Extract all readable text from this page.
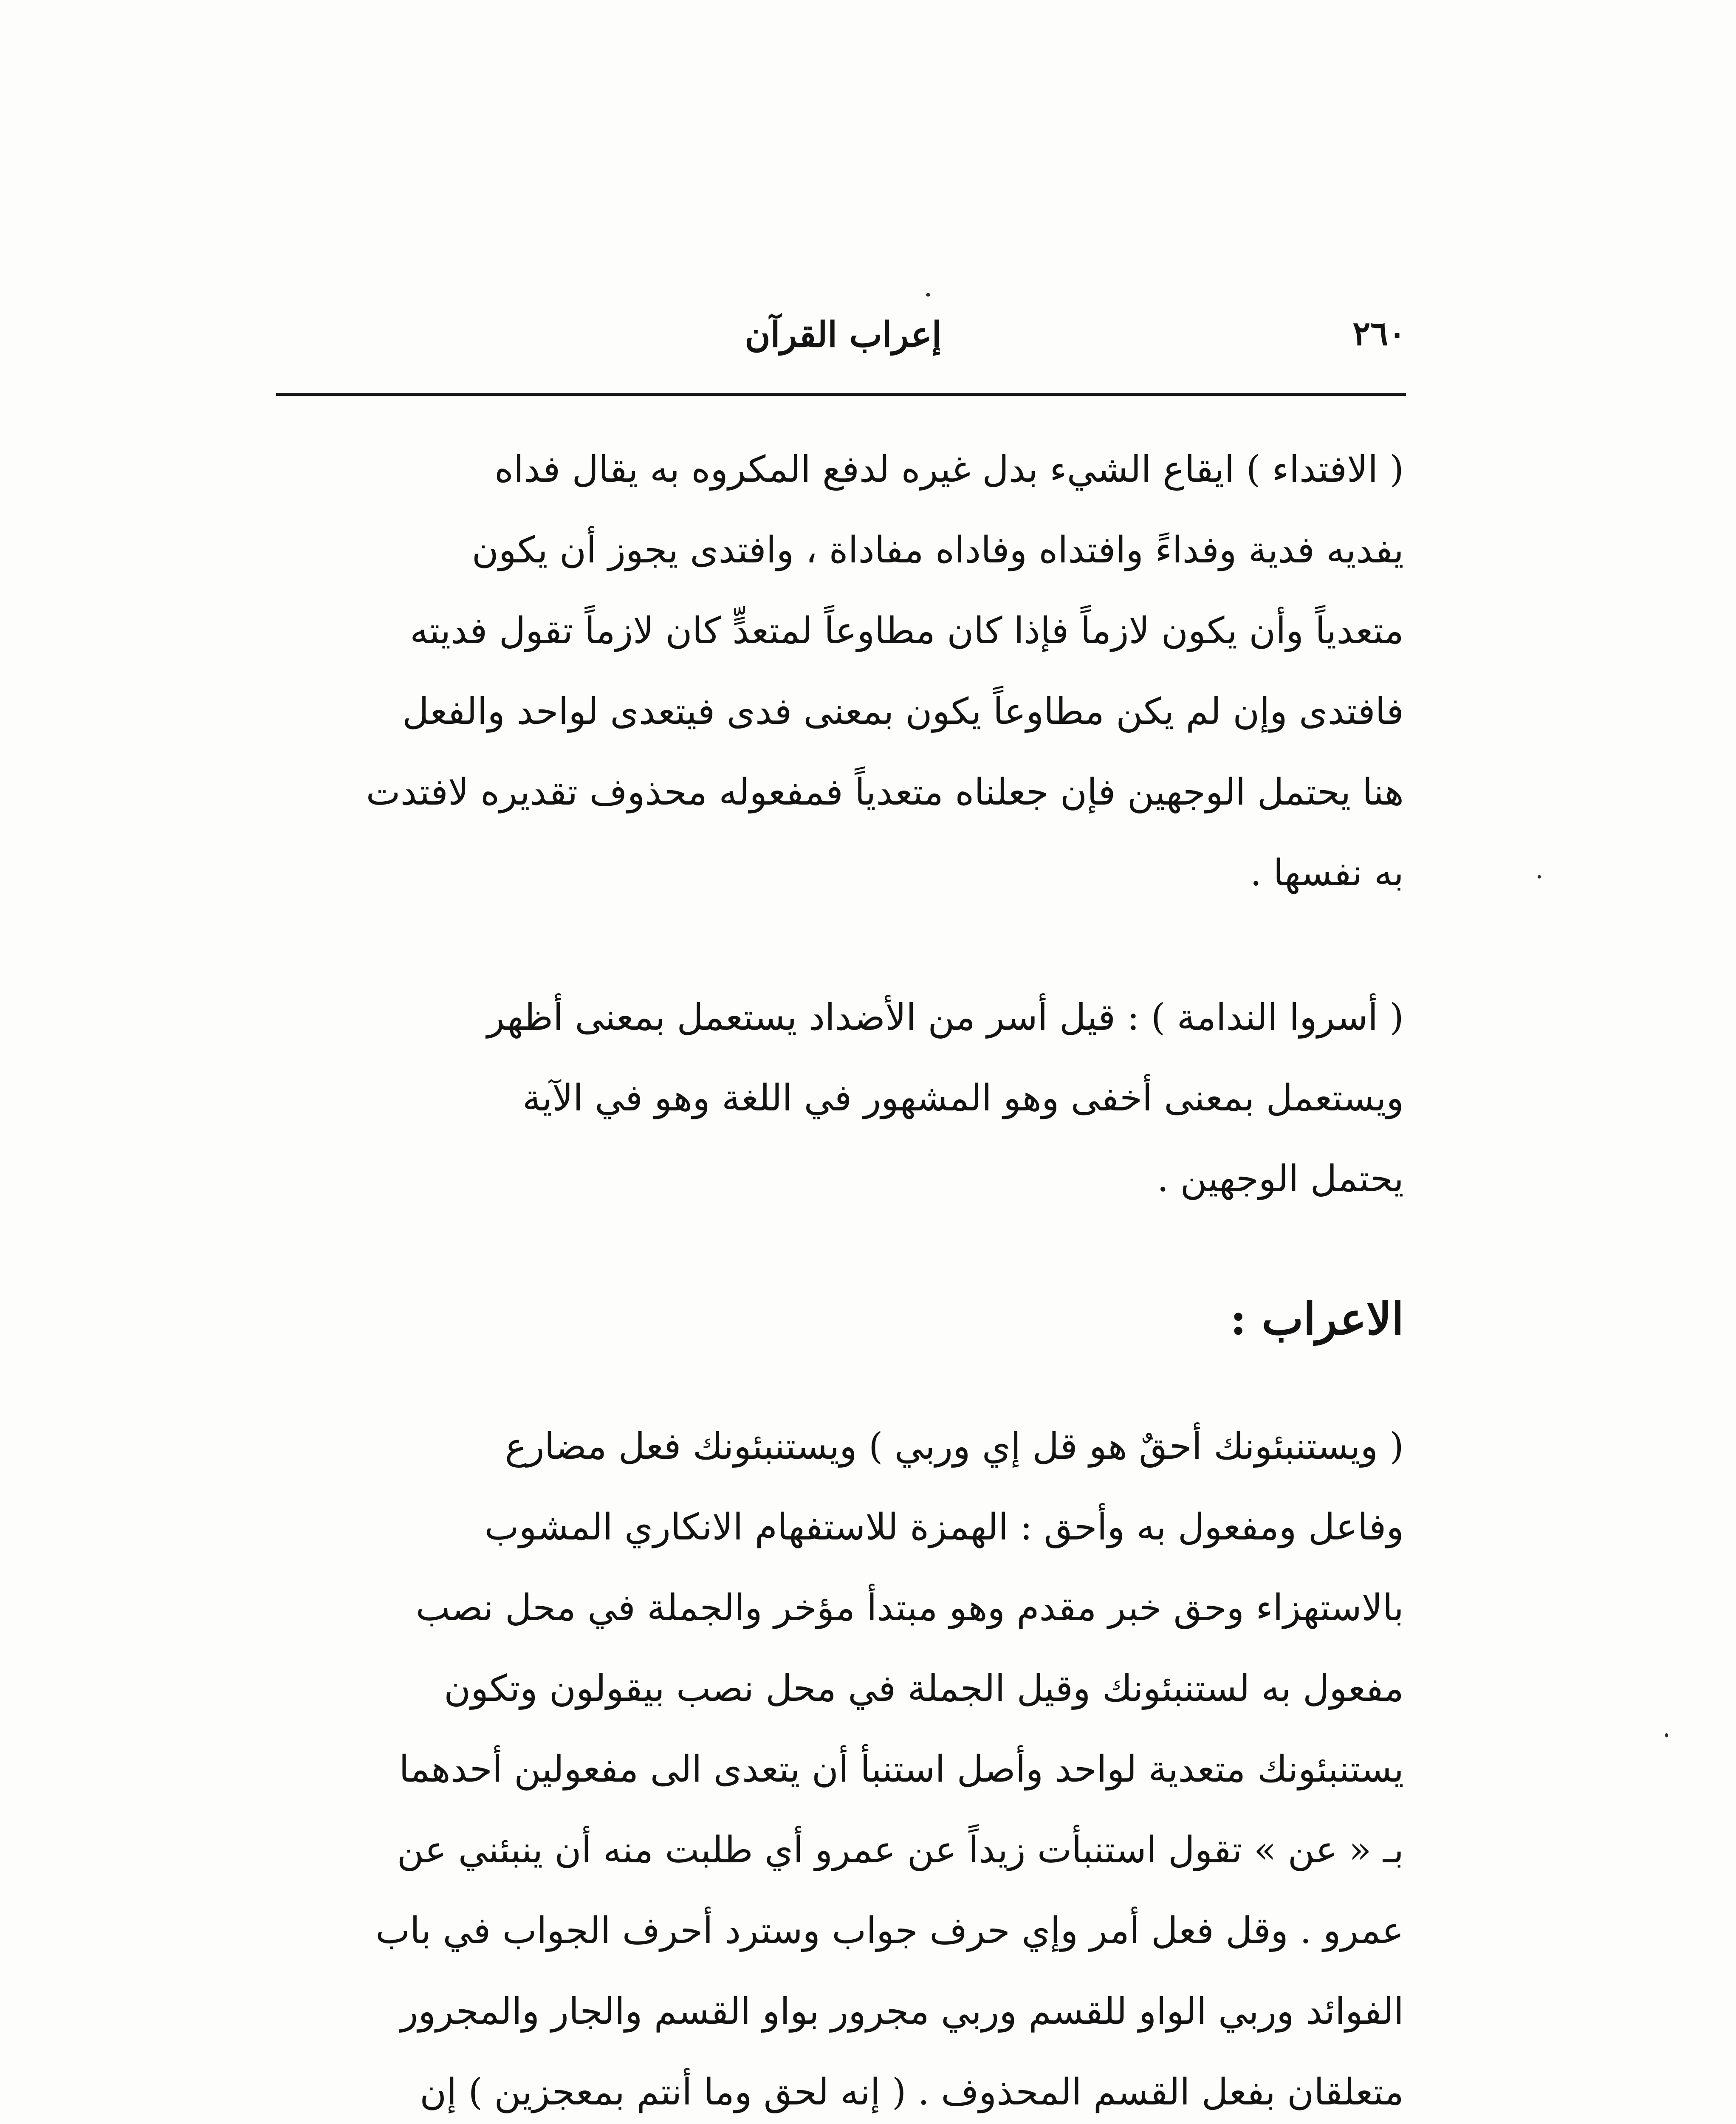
٢٦٠
إعراب القرآن

( الافتداء ) ايقاع الشيء بدل غيره لدفع المكروه به يقال فداه
يفديه فدية وفداءً وافتداه وفاداه مفاداة ، وافتدى يجوز أن يكون
متعدياً وأن يكون لازماً فإذا كان مطاوعاً لمتعدٍّ كان لازماً تقول فديته
فافتدى وإن لم يكن مطاوعاً يكون بمعنى فدى فيتعدى لواحد والفعل
هنا يحتمل الوجهين فإن جعلناه متعدياً فمفعوله محذوف تقديره لافتدت
به نفسها .

( أسروا الندامة ) : قيل أسر من الأضداد يستعمل بمعنى أظهر
ويستعمل بمعنى أخفى وهو المشهور في اللغة وهو في الآية
يحتمل الوجهين .

الاعراب :

( ويستنبئونك أحقٌ هو قل إي وربي ) ويستنبئونك فعل مضارع
وفاعل ومفعول به وأحق : الهمزة للاستفهام الانكاري المشوب
بالاستهزاء وحق خبر مقدم وهو مبتدأ مؤخر والجملة في محل نصب
مفعول به لستنبئونك وقيل الجملة في محل نصب بيقولون وتكون
يستنبئونك متعدية لواحد وأصل استنبأ أن يتعدى الى مفعولين أحدهما
بـ « عن » تقول استنبأت زيداً عن عمرو أي طلبت منه أن ينبئني عن
عمرو . وقل فعل أمر وإي حرف جواب وسترد أحرف الجواب في باب
الفوائد وربي الواو للقسم وربي مجرور بواو القسم والجار والمجرور
متعلقان بفعل القسم المحذوف . ( إنه لحق وما أنتم بمعجزين ) إن
